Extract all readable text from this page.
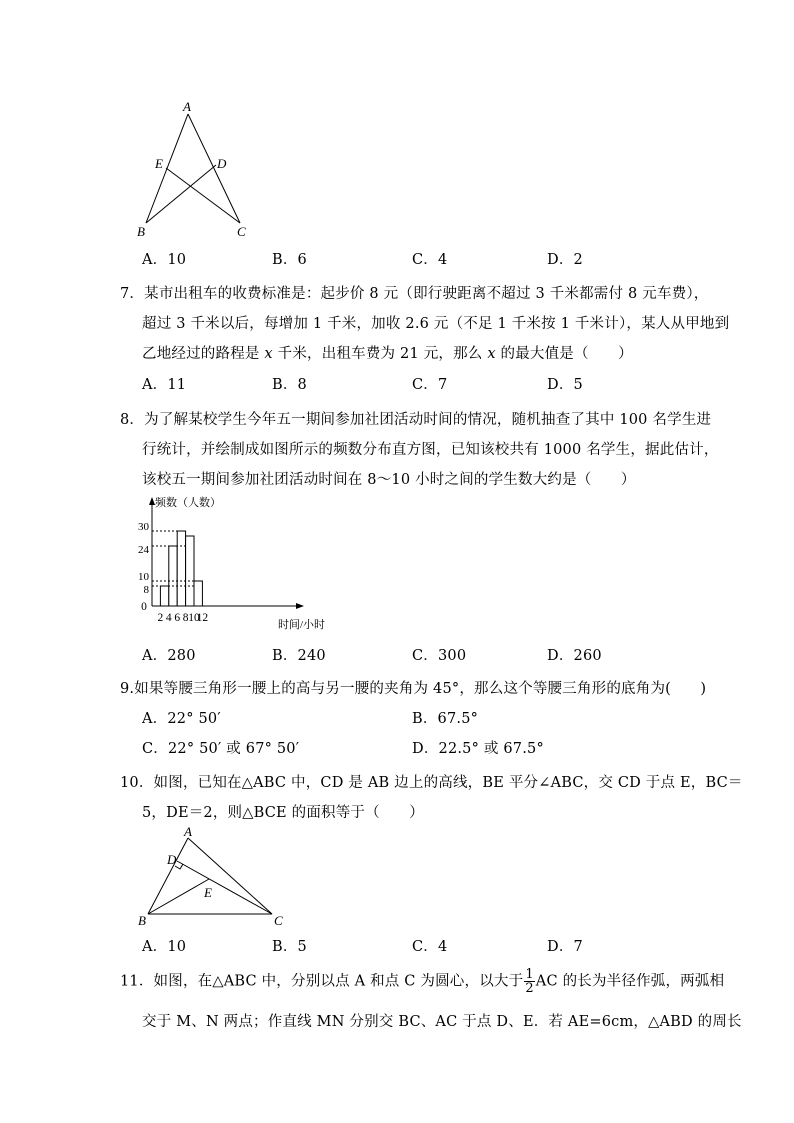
A
E	D
B	C
A．10	B．6	C．4	D．2
7．某市出租车的收费标准是：起步价 8 元（即行驶距离不超过 3 千米都需付 8 元车费），
超过 3 千米以后，每增加 1 千米，加收 2.6 元（不足 1 千米按 1 千米计），某人从甲地到
乙地经过的路程是 x 千米，出租车费为 21 元，那么 x 的最大值是（　　）
A．11	B．8	C．7	D．5
8．为了解某校学生今年五一期间参加社团活动时间的情况，随机抽查了其中 100 名学生进
行统计，并绘制成如图所示的频数分布直方图，已知该校共有 1000 名学生，据此估计，
该校五一期间参加社团活动时间在 8～10 小时之间的学生数大约是（　　）
8
10
24
30
2 4 6 8 10
12
0
频数（人数）
时间/小时
A．280	B．240	C．300	D．260
9.如果等腰三角形一腰上的高与另一腰的夹角为 45°，那么这个等腰三角形的底角为(　　)
A．22° 50′	B．67.5°
C．22° 50′ 或 67° 50′	D．22.5° 或 67.5°
10．如图，已知在△ABC 中，CD 是 AB 边上的高线，BE 平分∠ABC，交 CD 于点 E，BC＝
5，DE＝2，则△BCE 的面积等于（　　）
A
D
E
B	C
A．10	B．5	C．4	D．7
11．如图，在△ABC 中，分别以点 A 和点 C 为圆心，以大于 $\frac{1}{2}$ AC 的长为半径作弧，两弧相
交于 M、N 两点；作直线 MN 分别交 BC、AC 于点 D、E．若 AE=6cm，△ABD 的周长
